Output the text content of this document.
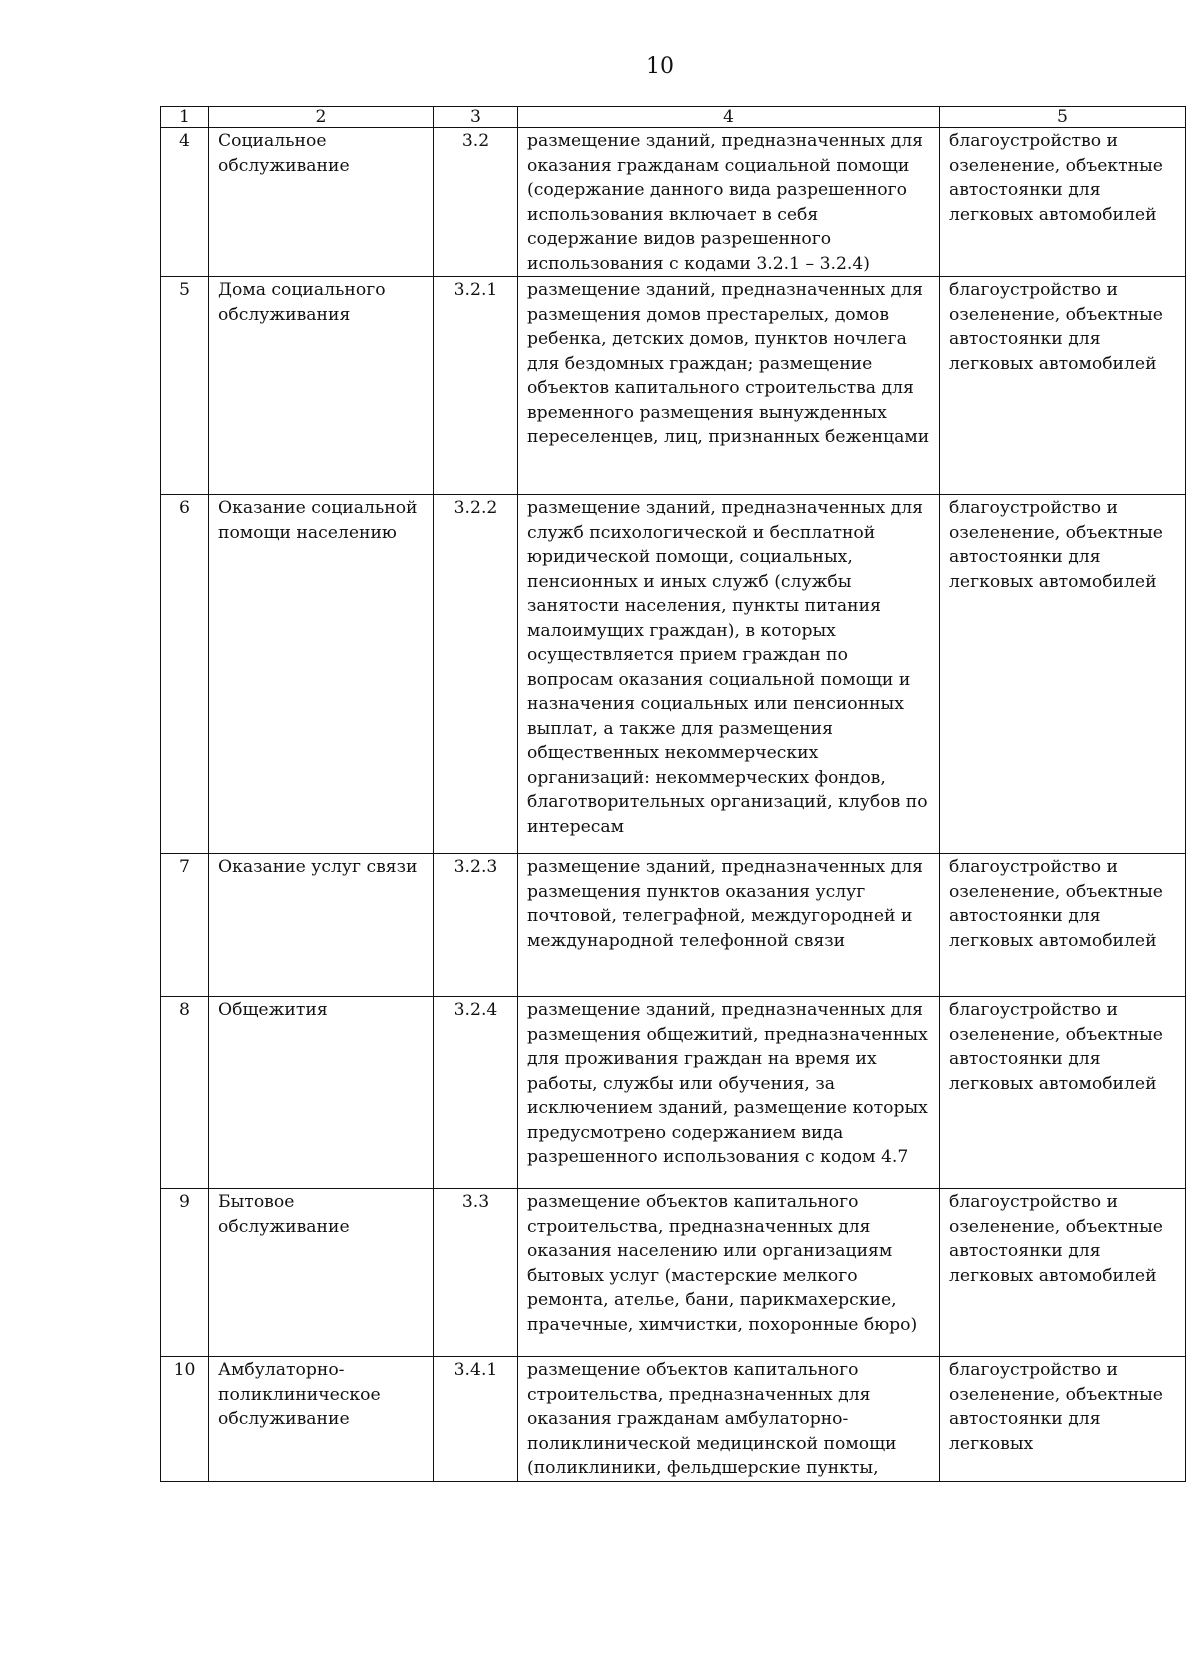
10
1	2	3	4	5
4	Социальное обслуживание	3.2	размещение зданий, предназначенных для оказания гражданам социальной помощи (содержание данного вида разрешенного использования включает в себя содержание видов разрешенного использования с кодами 3.2.1 – 3.2.4)	благоустройство и озеленение, объектные автостоянки для легковых автомобилей
5	Дома социального обслуживания	3.2.1	размещение зданий, предназначенных для размещения домов престарелых, домов ребенка, детских домов, пунктов ночлега для бездомных граждан; размещение объектов капитального строительства для временного размещения вынужденных переселенцев, лиц, признанных беженцами	благоустройство и озеленение, объектные автостоянки для легковых автомобилей
6	Оказание социальной помощи населению	3.2.2	размещение зданий, предназначенных для служб психологической и бесплатной юридической помощи, социальных, пенсионных и иных служб (службы занятости населения, пункты питания малоимущих граждан), в которых осуществляется прием граждан по вопросам оказания социальной помощи и назначения социальных или пенсионных выплат, а также для размещения общественных некоммерческих организаций: некоммерческих фондов, благотворительных организаций, клубов по интересам	благоустройство и озеленение, объектные автостоянки для легковых автомобилей
7	Оказание услуг связи	3.2.3	размещение зданий, предназначенных для размещения пунктов оказания услуг почтовой, телеграфной, междугородней и международной телефонной связи	благоустройство и озеленение, объектные автостоянки для легковых автомобилей
8	Общежития	3.2.4	размещение зданий, предназначенных для размещения общежитий, предназначенных для проживания граждан на время их работы, службы или обучения, за исключением зданий, размещение которых предусмотрено содержанием вида разрешенного использования с кодом 4.7	благоустройство и озеленение, объектные автостоянки для легковых автомобилей
9	Бытовое обслуживание	3.3	размещение объектов капитального строительства, предназначенных для оказания населению или организациям бытовых услуг (мастерские мелкого ремонта, ателье, бани, парикмахерские, прачечные, химчистки, похоронные бюро)	благоустройство и озеленение, объектные автостоянки для легковых автомобилей
10	Амбулаторно-поликлиническое обслуживание	3.4.1	размещение объектов капитального строительства, предназначенных для оказания гражданам амбулаторно-поликлинической медицинской помощи (поликлиники, фельдшерские пункты,	благоустройство и озеленение, объектные автостоянки для легковых
